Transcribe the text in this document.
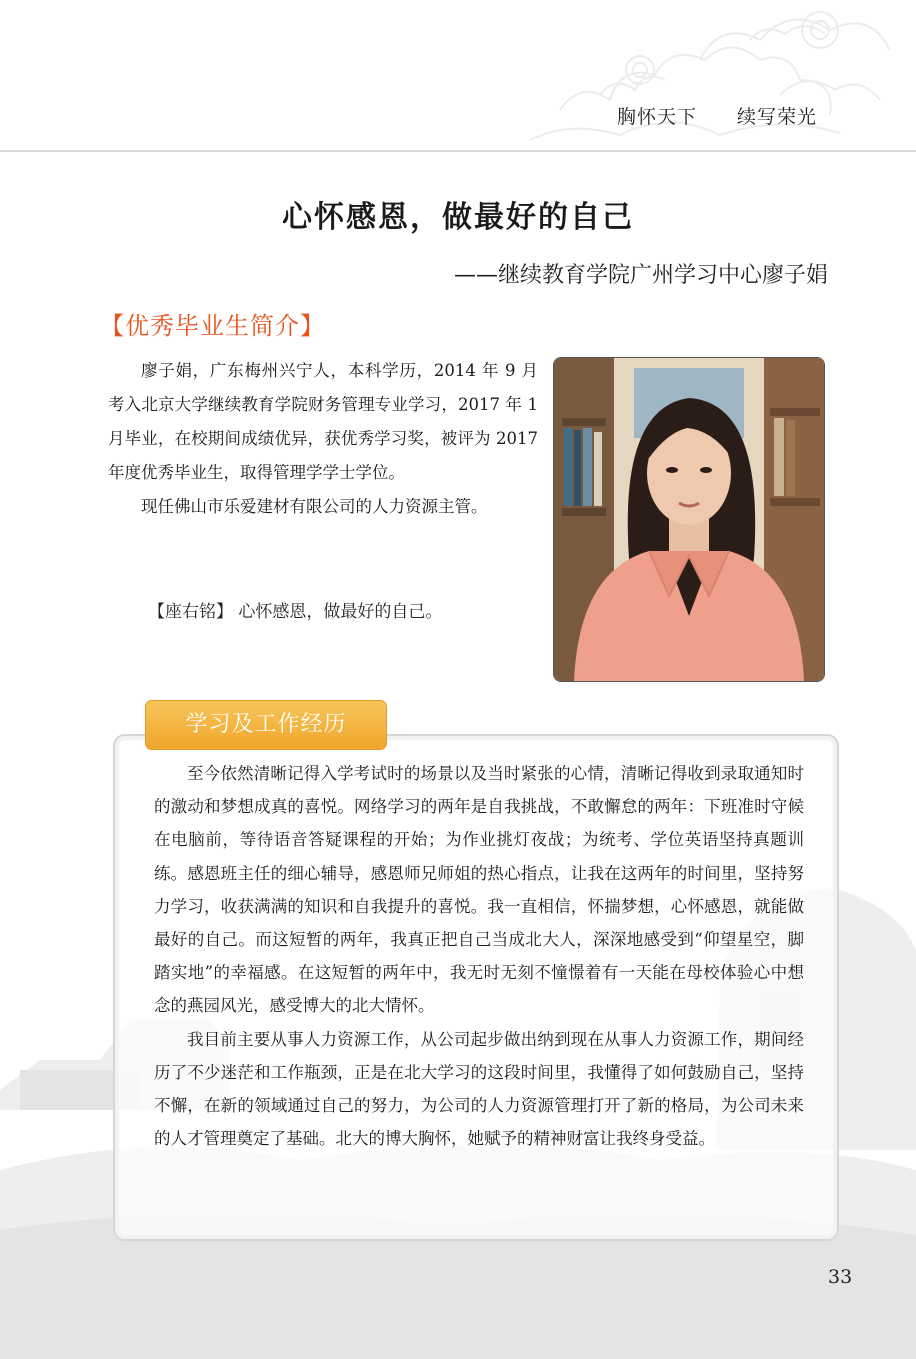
胸怀天下 续写荣光
心怀感恩，做最好的自己
——继续教育学院广州学习中心廖子娟
【优秀毕业生简介】

廖子娟，广东梅州兴宁人，本科学历，2014 年 9 月考入北京大学继续教育学院财务管理专业学习，2017 年 1 月毕业，在校期间成绩优异，获优秀学习奖，被评为 2017 年度优秀毕业生，取得管理学学士学位。

现任佛山市乐爱建材有限公司的人力资源主管。

【座右铭】 心怀感恩，做最好的自己。
学习及工作经历

至今依然清晰记得入学考试时的场景以及当时紧张的心情，清晰记得收到录取通知时的激动和梦想成真的喜悦。网络学习的两年是自我挑战，不敢懈怠的两年：下班准时守候在电脑前，等待语音答疑课程的开始；为作业挑灯夜战；为统考、学位英语坚持真题训练。感恩班主任的细心辅导，感恩师兄师姐的热心指点，让我在这两年的时间里，坚持努力学习，收获满满的知识和自我提升的喜悦。我一直相信，怀揣梦想，心怀感恩，就能做最好的自己。而这短暂的两年，我真正把自己当成北大人，深深地感受到“仰望星空，脚踏实地”的幸福感。在这短暂的两年中，我无时无刻不憧憬着有一天能在母校体验心中想念的燕园风光，感受博大的北大情怀。

我目前主要从事人力资源工作，从公司起步做出纳到现在从事人力资源工作，期间经历了不少迷茫和工作瓶颈，正是在北大学习的这段时间里，我懂得了如何鼓励自己，坚持不懈，在新的领域通过自己的努力，为公司的人力资源管理打开了新的格局，为公司未来的人才管理奠定了基础。北大的博大胸怀，她赋予的精神财富让我终身受益。

33
